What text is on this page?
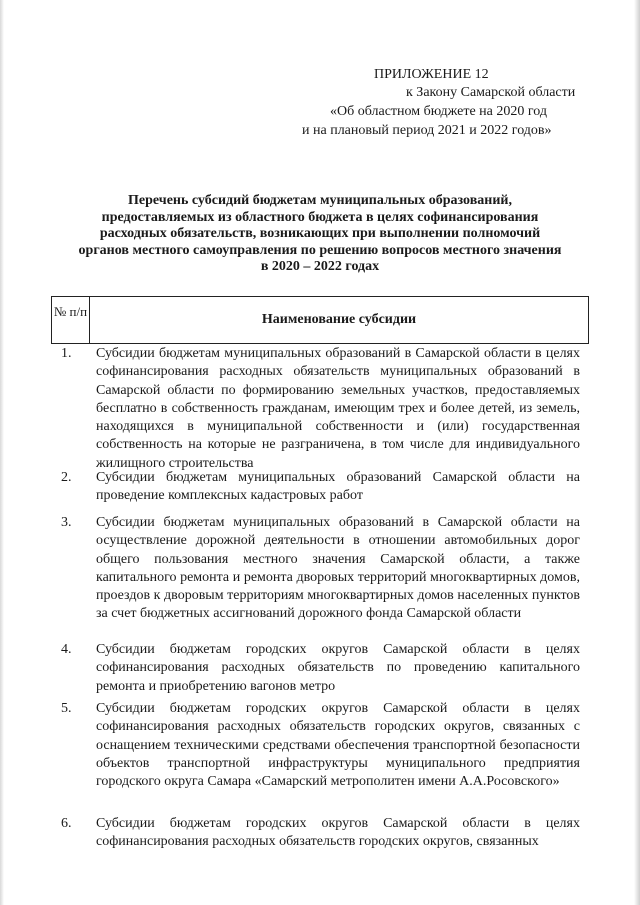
ПРИЛОЖЕНИЕ 12
к Закону Самарской области
«Об областном бюджете на 2020 год
и на плановый период 2021 и 2022 годов»
Перечень субсидий бюджетам муниципальных образований,
предоставляемых из областного бюджета в целях софинансирования
расходных обязательств, возникающих при выполнении полномочий
органов местного самоуправления по решению вопросов местного значения
в 2020 – 2022 годах
№ п/п
Наименование субсидии
1. Субсидии бюджетам муниципальных образований в Самарской области в целях софинансирования расходных обязательств муниципальных образований в Самарской области по формированию земельных участков, предоставляемых бесплатно в собственность гражданам, имеющим трех и более детей, из земель, находящихся в муниципальной собственности и (или) государственная собственность на которые не разграничена, в том числе для индивидуального жилищного строительства
2. Субсидии бюджетам муниципальных образований Самарской области на проведение комплексных кадастровых работ
3. Субсидии бюджетам муниципальных образований в Самарской области на осуществление дорожной деятельности в отношении автомобильных дорог общего пользования местного значения Самарской области, а также капитального ремонта и ремонта дворовых территорий многоквартирных домов, проездов к дворовым территориям многоквартирных домов населенных пунктов за счет бюджетных ассигнований дорожного фонда Самарской области
4. Субсидии бюджетам городских округов Самарской области в целях софинансирования расходных обязательств по проведению капитального ремонта и приобретению вагонов метро
5. Субсидии бюджетам городских округов Самарской области в целях софинансирования расходных обязательств городских округов, связанных с оснащением техническими средствами обеспечения транспортной безопасности объектов транспортной инфраструктуры муниципального предприятия городского округа Самара «Самарский метрополитен имени А.А.Росовского»
6. Субсидии бюджетам городских округов Самарской области в целях софинансирования расходных обязательств городских округов, связанных
